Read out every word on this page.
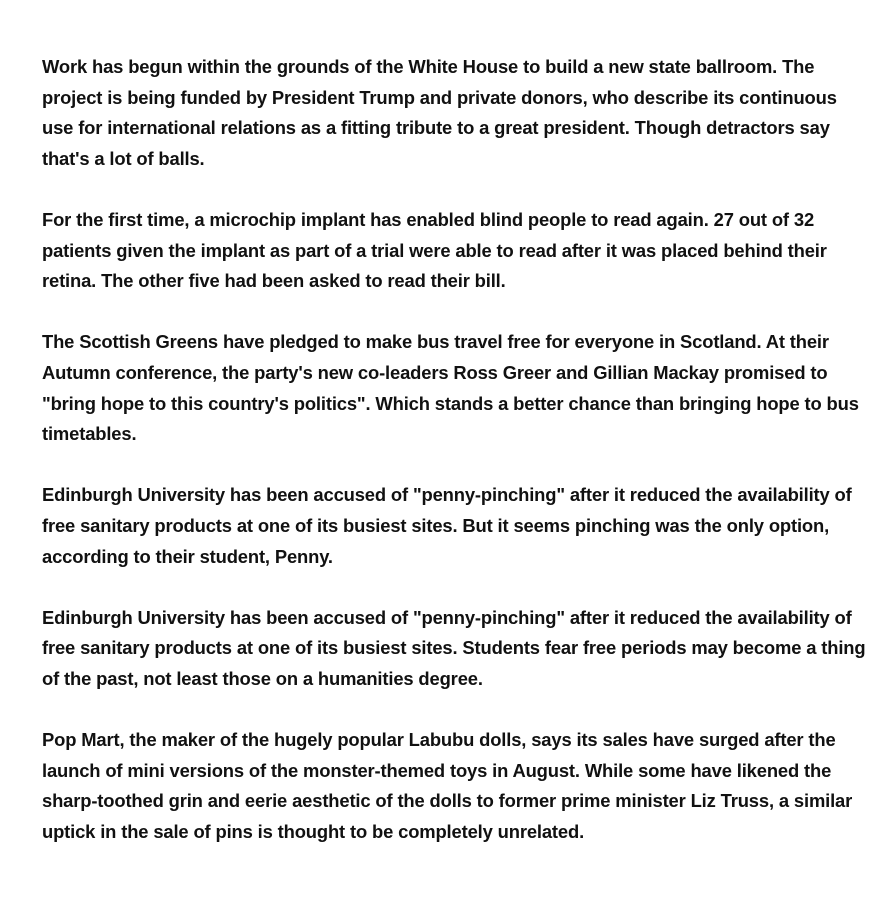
Work has begun within the grounds of the White House to build a new state ballroom. The project is being funded by President Trump and private donors, who describe its continuous use for international relations as a fitting tribute to a great president. Though detractors say that's a lot of balls.

For the first time, a microchip implant has enabled blind people to read again. 27 out of 32 patients given the implant as part of a trial were able to read after it was placed behind their retina. The other five had been asked to read their bill.

The Scottish Greens have pledged to make bus travel free for everyone in Scotland. At their Autumn conference, the party's new co-leaders Ross Greer and Gillian Mackay promised to "bring hope to this country's politics". Which stands a better chance than bringing hope to bus timetables.

Edinburgh University has been accused of "penny-pinching" after it reduced the availability of free sanitary products at one of its busiest sites. But it seems pinching was the only option, according to their student, Penny.

Edinburgh University has been accused of "penny-pinching" after it reduced the availability of free sanitary products at one of its busiest sites. Students fear free periods may become a thing of the past, not least those on a humanities degree.

Pop Mart, the maker of the hugely popular Labubu dolls, says its sales have surged after the launch of mini versions of the monster-themed toys in August. While some have likened the sharp-toothed grin and eerie aesthetic of the dolls to former prime minister Liz Truss, a similar uptick in the sale of pins is thought to be completely unrelated.
